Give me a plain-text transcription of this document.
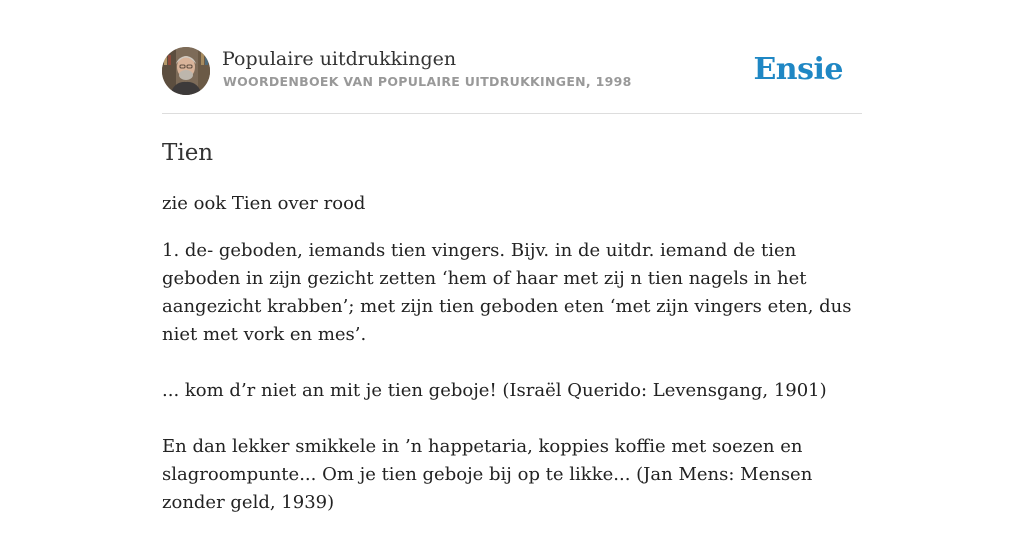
Populaire uitdrukkingen
WOORDENBOEK VAN POPULAIRE UITDRUKKINGEN, 1998	Ensie
Tien
zie ook Tien over rood

1. de- geboden, iemands tien vingers. Bijv. in de uitdr. iemand de tien geboden in zijn gezicht zetten ‘hem of haar met zij n tien nagels in het aangezicht krabben’; met zijn tien geboden eten ‘met zijn vingers eten, dus niet met vork en mes’.

... kom d’r niet an mit je tien geboje! (Israël Querido: Levensgang, 1901)

En dan lekker smikkele in ’n happetaria, koppies koffie met soezen en slagroompunte... Om je tien geboje bij op te likke... (Jan Mens: Mensen zonder geld, 1939)
